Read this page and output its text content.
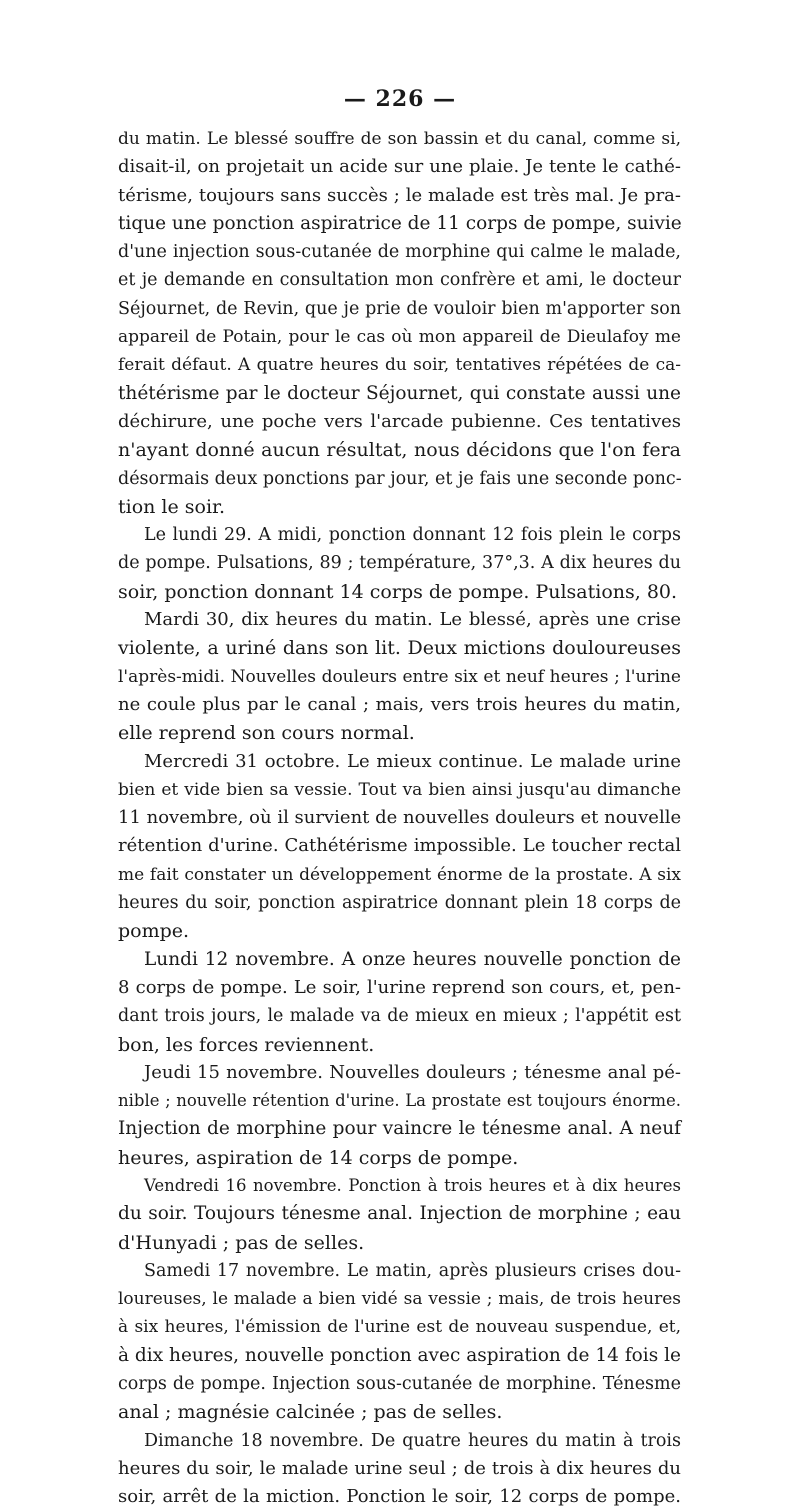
— 226 —
du matin. Le blessé souffre de son bassin et du canal, comme si,
disait-il, on projetait un acide sur une plaie. Je tente le cathé-
térisme, toujours sans succès ; le malade est très mal. Je pra-
tique une ponction aspiratrice de 11 corps de pompe, suivie
d'une injection sous-cutanée de morphine qui calme le malade,
et je demande en consultation mon confrère et ami, le docteur
Séjournet, de Revin, que je prie de vouloir bien m'apporter son
appareil de Potain, pour le cas où mon appareil de Dieulafoy me
ferait défaut. A quatre heures du soir, tentatives répétées de ca-
thétérisme par le docteur Séjournet, qui constate aussi une
déchirure, une poche vers l'arcade pubienne. Ces tentatives
n'ayant donné aucun résultat, nous décidons que l'on fera
désormais deux ponctions par jour, et je fais une seconde ponc-
tion le soir.
Le lundi 29. A midi, ponction donnant 12 fois plein le corps
de pompe. Pulsations, 89 ; température, 37°,3. A dix heures du
soir, ponction donnant 14 corps de pompe. Pulsations, 80.
Mardi 30, dix heures du matin. Le blessé, après une crise
violente, a uriné dans son lit. Deux mictions douloureuses
l'après-midi. Nouvelles douleurs entre six et neuf heures ; l'urine
ne coule plus par le canal ; mais, vers trois heures du matin,
elle reprend son cours normal.
Mercredi 31 octobre. Le mieux continue. Le malade urine
bien et vide bien sa vessie. Tout va bien ainsi jusqu'au dimanche
11 novembre, où il survient de nouvelles douleurs et nouvelle
rétention d'urine. Cathétérisme impossible. Le toucher rectal
me fait constater un développement énorme de la prostate. A six
heures du soir, ponction aspiratrice donnant plein 18 corps de
pompe.
Lundi 12 novembre. A onze heures nouvelle ponction de
8 corps de pompe. Le soir, l'urine reprend son cours, et, pen-
dant trois jours, le malade va de mieux en mieux ; l'appétit est
bon, les forces reviennent.
Jeudi 15 novembre. Nouvelles douleurs ; ténesme anal pé-
nible ; nouvelle rétention d'urine. La prostate est toujours énorme.
Injection de morphine pour vaincre le ténesme anal. A neuf
heures, aspiration de 14 corps de pompe.
Vendredi 16 novembre. Ponction à trois heures et à dix heures
du soir. Toujours ténesme anal. Injection de morphine ; eau
d'Hunyadi ; pas de selles.
Samedi 17 novembre. Le matin, après plusieurs crises dou-
loureuses, le malade a bien vidé sa vessie ; mais, de trois heures
à six heures, l'émission de l'urine est de nouveau suspendue, et,
à dix heures, nouvelle ponction avec aspiration de 14 fois le
corps de pompe. Injection sous-cutanée de morphine. Ténesme
anal ; magnésie calcinée ; pas de selles.
Dimanche 18 novembre. De quatre heures du matin à trois
heures du soir, le malade urine seul ; de trois à dix heures du
soir, arrêt de la miction. Ponction le soir, 12 corps de pompe.
